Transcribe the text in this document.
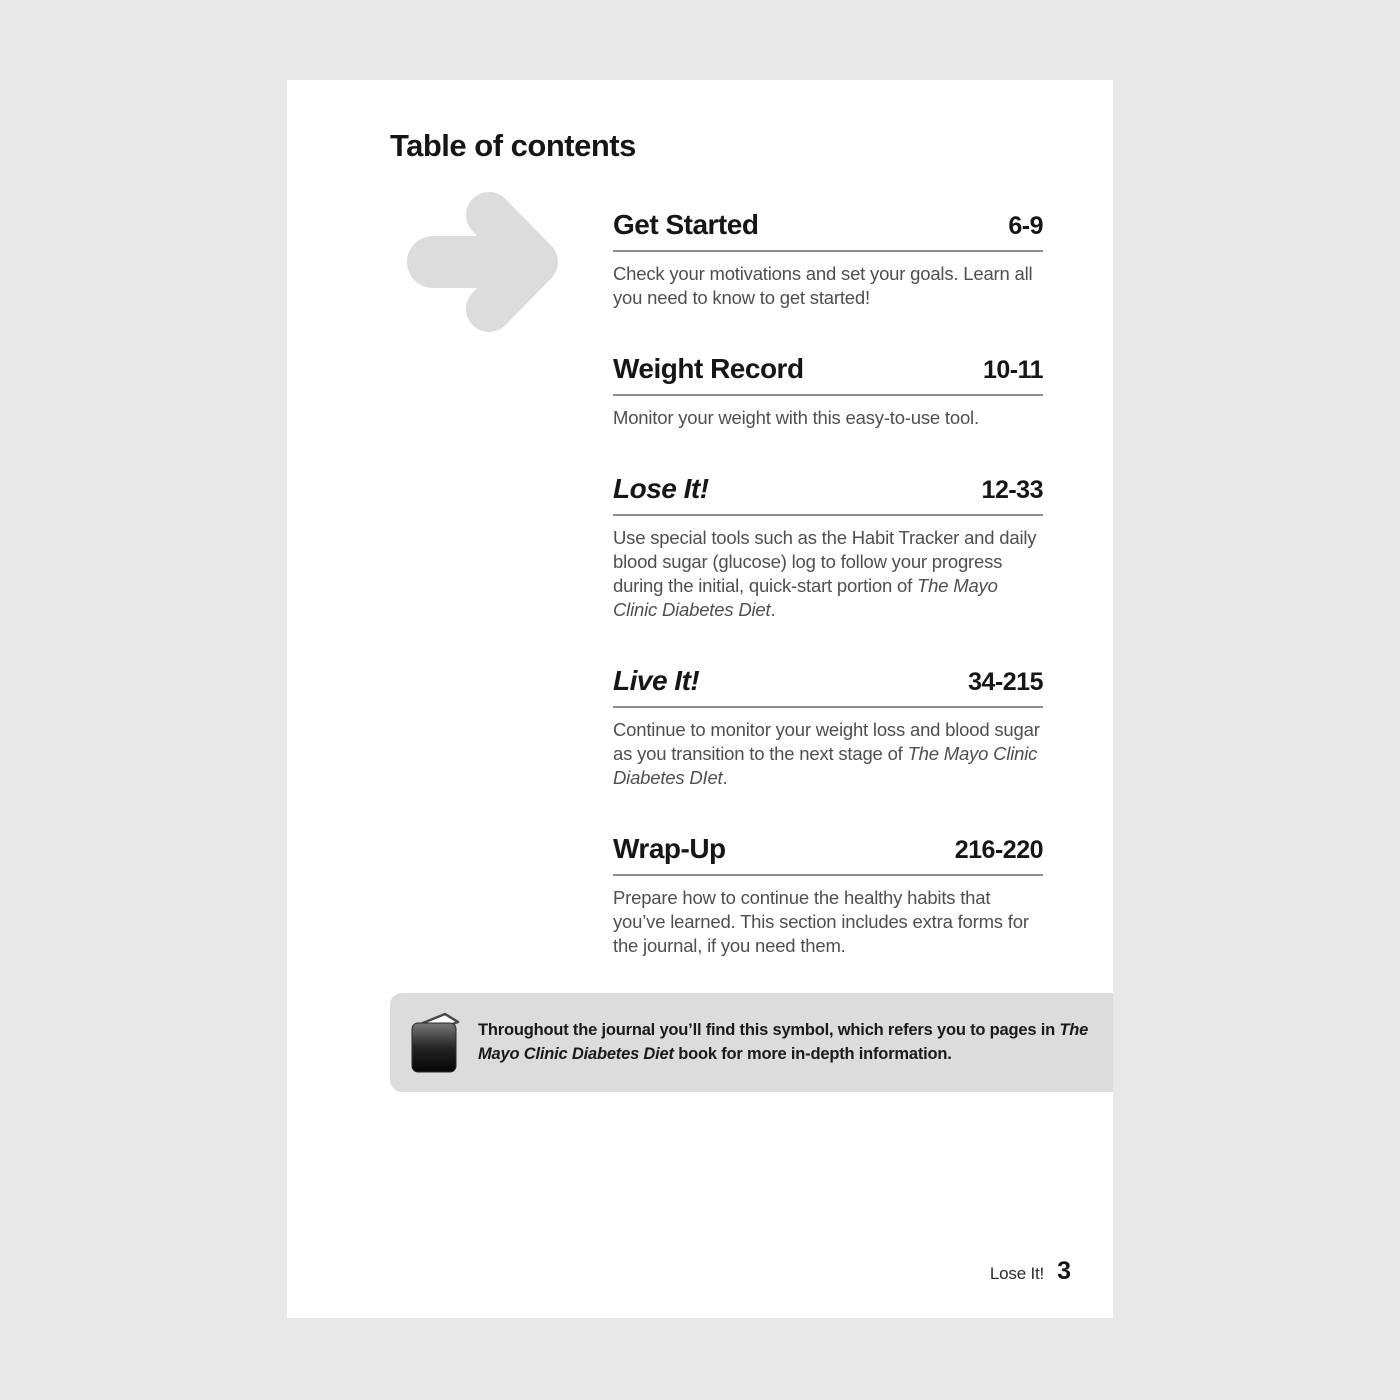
Table of contents
Get Started	6-9

Check your motivations and set your goals. Learn all you need to know to get started!

Weight Record	10-11

Monitor your weight with this easy-to-use tool.

Lose It!	12-33

Use special tools such as the Habit Tracker and daily blood sugar (glucose) log to follow your progress during the initial, quick-start portion of The Mayo Clinic Diabetes Diet.

Live It!	34-215

Continue to monitor your weight loss and blood sugar as you transition to the next stage of The Mayo Clinic Diabetes DIet.

Wrap-Up	216-220

Prepare how to continue the healthy habits that you’ve learned. This section includes extra forms for the journal, if you need them.

Throughout the journal you’ll find this symbol, which refers you to pages in The Mayo Clinic Diabetes Diet book for more in-depth information.

Lose It! 3
